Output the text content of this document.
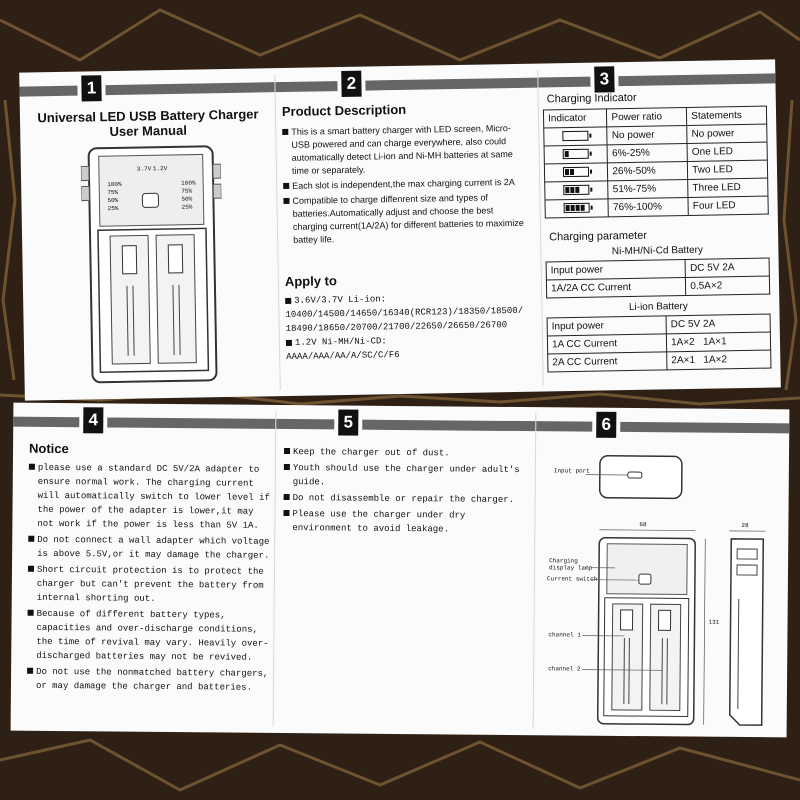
1
Universal LED USB Battery Charger
User Manual
3.7V 1.2V
100%
75%
50%
25%
100%
75%
50%
25%
2
Product Description
This is a smart battery charger with LED screen, Micro-USB powered and can charge everywhere, also could automatically detect Li-ion and Ni-MH batteries at same time or separately.
Each slot is independent,the max charging current is 2A
Compatible to charge diffenrent size and types of batteries.Automatically adjust and choose the best charging current(1A/2A) for different batteries to maximize battey life.
Apply to
3.6V/3.7V Li-ion:
10400/14500/14650/16340(RCR123)/18350/18500/ 18490/18650/20700/21700/22650/26650/26700
1.2V Ni-MH/Ni-CD:
AAAA/AAA/AA/A/SC/C/F6
3
Charging Indicator
Indicator	Power ratio	Statements
	No power	No power

	6%-25%	One LED

	26%-50%	Two LED

	51%-75%	Three LED

	76%-100%	Four LED
Charging parameter
Ni-MH/Ni-Cd Battery
Input power	DC 5V 2A
1A/2A CC Current	0.5A×2
Li-ion Battery
Input power	DC 5V 2A
1A CC Current	1A×2   1A×1
2A CC Current	2A×1   1A×2
4
Notice
please use a standard DC 5V/2A adapter to ensure normal work. The charging current will automatically switch to lower level if the power of the adapter is lower,it may not work if the power is less than 5V 1A.
Do not connect a wall adapter which voltage is above 5.5V,or it may damage the charger.
Short circuit protection is to protect the charger but can't prevent the battery from internal shorting out.
Because of different battery types, capacities and over-discharge conditions, the time of revival may vary. Heavily over-discharged batteries may not be revived.
Do not use the nonmatched battery chargers, or may damage the charger and batteries.
5
Keep the charger out of dust.
Youth should use the charger under adult's guide.
Do not disassemble or repair the charger.
Please use the charger under dry environment to avoid leakage.
6
Input port
68	28
131
Charging display lamp
Current switch
channel 1
channel 2
